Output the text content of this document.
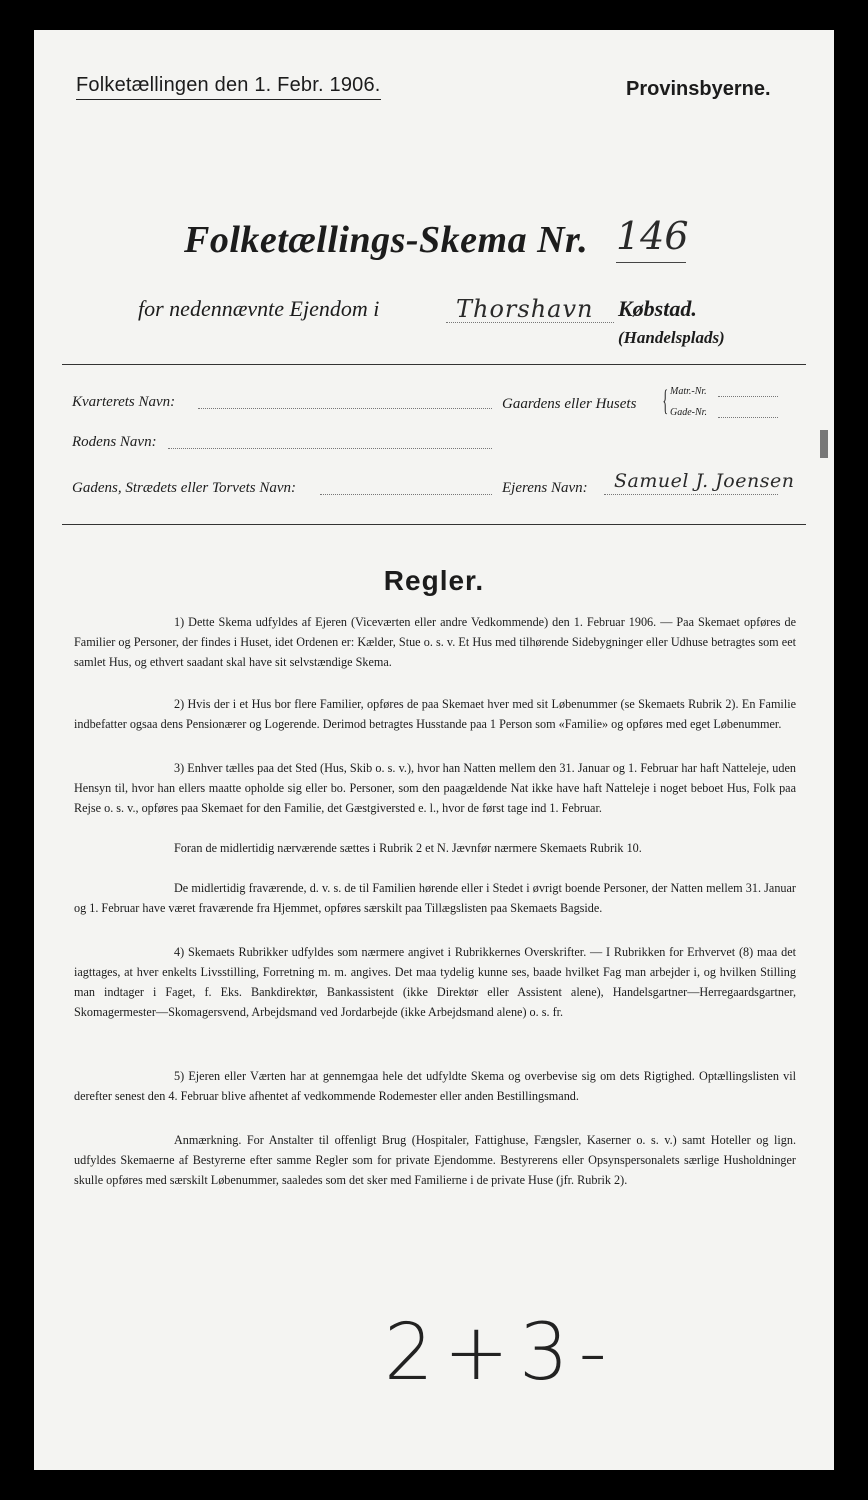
Folketællingen den 1. Febr. 1906.	Provinsbyerne.
Folketællings-Skema Nr. 146
for nedennævnte Ejendom i	Thorshavn Købstad.
(Handelsplads)
Kvarterets Navn:	Gaardens eller Husets { Matr.-Nr.
Gade-Nr.
Rodens Navn:
Gadens, Strædets eller Torvets Navn:	Ejerens Navn: Samuel J. Joensen
Regler.
1) Dette Skema udfyldes af Ejeren (Viceværten eller andre Vedkommende) den 1. Februar 1906. — Paa Skemaet opføres de Familier og Personer, der findes i Huset, idet Ordenen er: Kælder, Stue o. s. v. Et Hus med tilhørende Sidebygninger eller Udhuse betragtes som eet samlet Hus, og ethvert saadant skal have sit selvstændige Skema.
2) Hvis der i et Hus bor flere Familier, opføres de paa Skemaet hver med sit Løbenummer (se Skemaets Rubrik 2). En Familie indbefatter ogsaa dens Pensionærer og Logerende. Derimod betragtes Husstande paa 1 Person som «Familie» og opføres med eget Løbenummer.
3) Enhver tælles paa det Sted (Hus, Skib o. s. v.), hvor han Natten mellem den 31. Januar og 1. Februar har haft Natteleje, uden Hensyn til, hvor han ellers maatte opholde sig eller bo. Personer, som den paagældende Nat ikke have haft Natteleje i noget beboet Hus, Folk paa Rejse o. s. v., opføres paa Skemaet for den Familie, det Gæstgiversted e. l., hvor de først tage ind 1. Februar.
Foran de midlertidig nærværende sættes i Rubrik 2 et N. Jævnfør nærmere Skemaets Rubrik 10.
De midlertidig fraværende, d. v. s. de til Familien hørende eller i Stedet i øvrigt boende Personer, der Natten mellem 31. Januar og 1. Februar have været fraværende fra Hjemmet, opføres særskilt paa Tillægslisten paa Skemaets Bagside.
4) Skemaets Rubrikker udfyldes som nærmere angivet i Rubrikkernes Overskrifter. — I Rubrikken for Erhvervet (8) maa det iagttages, at hver enkelts Livsstilling, Forretning m. m. angives. Det maa tydelig kunne ses, baade hvilket Fag man arbejder i, og hvilken Stilling man indtager i Faget, f. Eks. Bankdirektør, Bankassistent (ikke Direktør eller Assistent alene), Handelsgartner—Herregaardsgartner, Skomagermester—Skomagersvend, Arbejdsmand ved Jordarbejde (ikke Arbejdsmand alene) o. s. fr.
5) Ejeren eller Værten har at gennemgaa hele det udfyldte Skema og overbevise sig om dets Rigtighed. Optællingslisten vil derefter senest den 4. Februar blive afhentet af vedkommende Rodemester eller anden Bestillingsmand.
Anmærkning. For Anstalter til offenligt Brug (Hospitaler, Fattighuse, Fængsler, Kaserner o. s. v.) samt Hoteller og lign. udfyldes Skemaerne af Bestyrerne efter samme Regler som for private Ejendomme. Bestyrerens eller Opsynspersonalets særlige Husholdninger skulle opføres med særskilt Løbenummer, saaledes som det sker med Familierne i de private Huse (jfr. Rubrik 2).
2+3-
